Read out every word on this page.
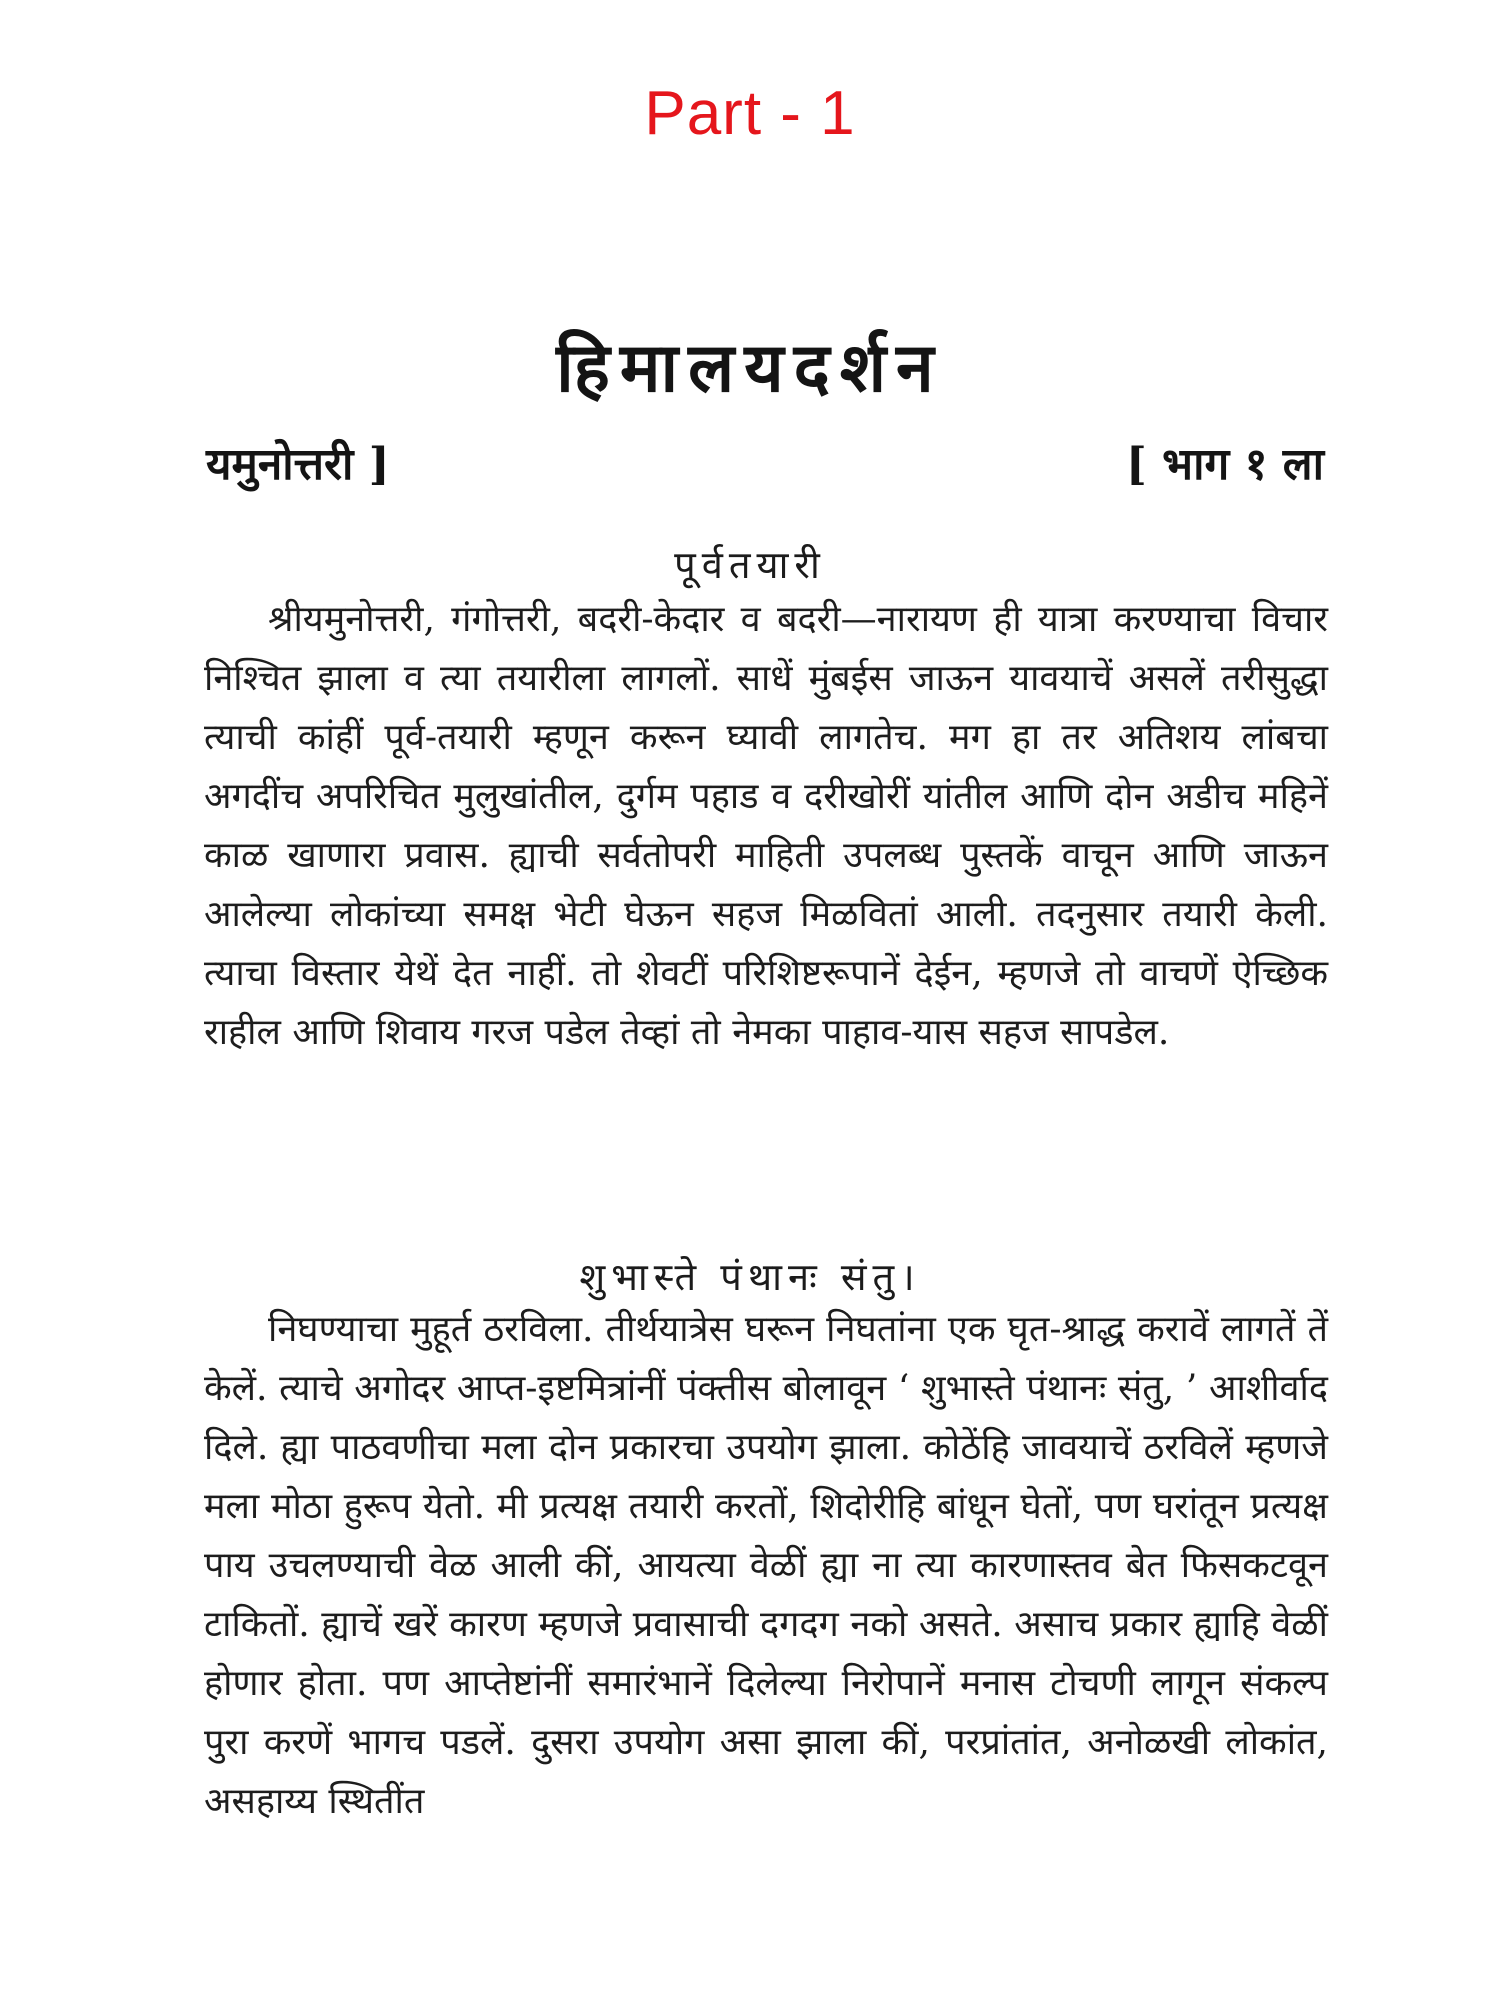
Part - 1
हिमालयदर्शन
यमुनोत्तरी ]	[ भाग १ ला
पूर्वतयारी

श्रीयमुनोत्तरी, गंगोत्तरी, बदरी-केदार व बदरी—नारायण ही यात्रा करण्याचा विचार निश्चित झाला व त्या तयारीला लागलों. साधें मुंबईस जाऊन यावयाचें असलें तरीसुद्धा त्याची कांहीं पूर्व-तयारी म्हणून करून घ्यावी लागतेच. मग हा तर अतिशय लांबचा अगदींच अपरिचित मुलुखांतील, दुर्गम पहाड व दरीखोरीं यांतील आणि दोन अडीच महिनें काळ खाणारा प्रवास. ह्याची सर्वतोपरी माहिती उपलब्ध पुस्तकें वाचून आणि जाऊन आलेल्या लोकांच्या समक्ष भेटी घेऊन सहज मिळवितां आली. तदनुसार तयारी केली. त्याचा विस्तार येथें देत नाहीं. तो शेवटीं परिशिष्टरूपानें देईन, म्हणजे तो वाचणें ऐच्छिक राहील आणि शिवाय गरज पडेल तेव्हां तो नेमका पाहाव-यास सहज सापडेल.

शुभास्ते पंथानः संतु।

निघण्याचा मुहूर्त ठरविला. तीर्थयात्रेस घरून निघतांना एक घृत-श्राद्ध करावें लागतें तें केलें. त्याचे अगोदर आप्त-इष्टमित्रांनीं पंक्तीस बोलावून ‘ शुभास्ते पंथानः संतु, ’ आशीर्वाद दिले. ह्या पाठवणीचा मला दोन प्रकारचा उपयोग झाला. कोठेंहि जावयाचें ठरविलें म्हणजे मला मोठा हुरूप येतो. मी प्रत्यक्ष तयारी करतों, शिदोरीहि बांधून घेतों, पण घरांतून प्रत्यक्ष पाय उचलण्याची वेळ आली कीं, आयत्या वेळीं ह्या ना त्या कारणास्तव बेत फिसकटवून टाकितों. ह्याचें खरें कारण म्हणजे प्रवासाची दगदग नको असते. असाच प्रकार ह्याहि वेळीं होणार होता. पण आप्तेष्टांनीं समारंभानें दिलेल्या निरोपानें मनास टोचणी लागून संकल्प पुरा करणें भागच पडलें. दुसरा उपयोग असा झाला कीं, परप्रांतांत, अनोळखी लोकांत, असहाय्य स्थितींत
